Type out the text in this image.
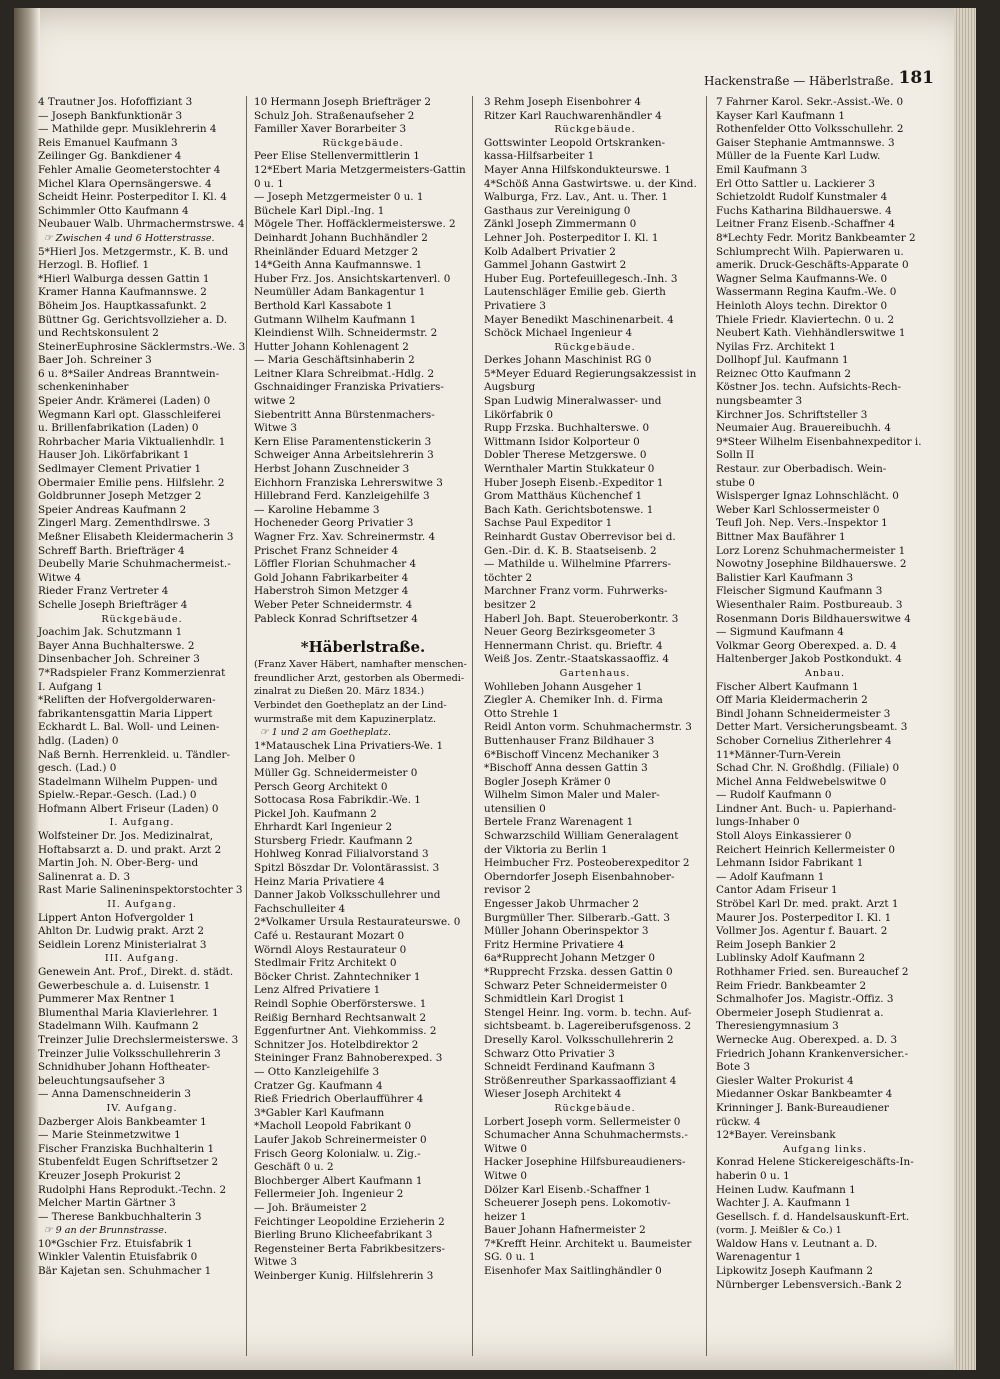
Hackenstraße — Häberlstraße. 181
4 Trautner Jos. Hofoffiziant 3
— Joseph Bankfunktionär 3
— Mathilde gepr. Musiklehrerin 4
Reis Emanuel Kaufmann 3
Zeilinger Gg. Bankdiener 4
Fehler Amalie Geometerstochter 4
Michel Klara Opernsängerswe. 4
Scheidt Heinr. Posterpeditor I. Kl. 4
Schimmler Otto Kaufmann 4
Neubauer Walb. Uhrmachermstrswe. 4
☞ Zwischen 4 und 6 Hotterstrasse.
5*Hierl Jos. Metzgermstr., K. B. und
Herzogl. B. Hoflief. 1
*Hierl Walburga dessen Gattin 1
Kramer Hanna Kaufmannswe. 2
Böheim Jos. Hauptkassafunkt. 2
Büttner Gg. Gerichtsvollzieher a. D.
und Rechtskonsulent 2
SteinerEuphrosine Säcklermstrs.-We. 3
Baer Joh. Schreiner 3
6 u. 8*Sailer Andreas Branntwein-
schenkeninhaber
Speier Andr. Krämerei (Laden) 0
Wegmann Karl opt. Glasschleiferei
u. Brillenfabrikation (Laden) 0
Rohrbacher Maria Viktualienhdlr. 1
Hauser Joh. Likörfabrikant 1
Sedlmayer Clement Privatier 1
Obermaier Emilie pens. Hilfslehr. 2
Goldbrunner Joseph Metzger 2
Speier Andreas Kaufmann 2
Zingerl Marg. Zementhdlrswe. 3
Meßner Elisabeth Kleidermacherin 3
Schreff Barth. Briefträger 4
Deubelly Marie Schuhmachermeist.-
Witwe 4
Rieder Franz Vertreter 4
Schelle Joseph Briefträger 4
Rückgebäude.
Joachim Jak. Schutzmann 1
Bayer Anna Buchhalterswe. 2
Dinsenbacher Joh. Schreiner 3
7*Radspieler Franz Kommerzienrat
I. Aufgang 1
*Reliften der Hofvergolderwaren-
fabrikantensgattin Maria Lippert
Eckhardt L. Bal. Woll- und Leinen-
hdlg. (Laden) 0
Naß Bernh. Herrenkleid. u. Tändler-
gesch. (Lad.) 0
Stadelmann Wilhelm Puppen- und
Spielw.-Repar.-Gesch. (Lad.) 0
Hofmann Albert Friseur (Laden) 0
I. Aufgang.
Wolfsteiner Dr. Jos. Medizinalrat,
Hoftabsarzt a. D. und prakt. Arzt 2
Martin Joh. N. Ober-Berg- und
Salinenrat a. D. 3
Rast Marie Salineninspektorstochter 3
II. Aufgang.
Lippert Anton Hofvergolder 1
Ahlton Dr. Ludwig prakt. Arzt 2
Seidlein Lorenz Ministerialrat 3
III. Aufgang.
Genewein Ant. Prof., Direkt. d. städt.
Gewerbeschule a. d. Luisenstr. 1
Pummerer Max Rentner 1
Blumenthal Maria Klavierlehrer. 1
Stadelmann Wilh. Kaufmann 2
Treinzer Julie Drechslermeisterswe. 3
Treinzer Julie Volksschullehrerin 3
Schnidhuber Johann Hoftheater-
beleuchtungsaufseher 3
— Anna Damenschneiderin 3
IV. Aufgang.
Dazberger Alois Bankbeamter 1
— Marie Steinmetzwitwe 1
Fischer Franziska Buchhalterin 1
Stubenfeldt Eugen Schriftsetzer 2
Kreuzer Joseph Prokurist 2
Rudolphi Hans Reprodukt.-Techn. 2
Melcher Martin Gärtner 3
— Therese Bankbuchhalterin 3
☞ 9 an der Brunnstrasse.
10*Gschier Frz. Etuisfabrik 1
Winkler Valentin Etuisfabrik 0
Bär Kajetan sen. Schuhmacher 1
10 Hermann Joseph Briefträger 2
Schulz Joh. Straßenaufseher 2
Familler Xaver Borarbeiter 3
Rückgebäude.
Peer Elise Stellenvermittlerin 1
12*Ebert Maria Metzgermeisters-Gattin
0 u. 1
— Joseph Metzgermeister 0 u. 1
Büchele Karl Dipl.-Ing. 1
Mögele Ther. Hoffäcklermeisterswe. 2
Deinhardt Johann Buchhändler 2
Rheinländer Eduard Metzger 2
14*Geith Anna Kaufmannswe. 1
Huber Frz. Jos. Ansichtskartenverl. 0
Neumüller Adam Bankagentur 1
Berthold Karl Kassabote 1
Gutmann Wilhelm Kaufmann 1
Kleindienst Wilh. Schneidermstr. 2
Hutter Johann Kohlenagent 2
— Maria Geschäftsinhaberin 2
Leitner Klara Schreibmat.-Hdlg. 2
Gschnaidinger Franziska Privatiers-
witwe 2
Siebentritt Anna Bürstenmachers-
Witwe 3
Kern Elise Paramentenstickerin 3
Schweiger Anna Arbeitslehrerin 3
Herbst Johann Zuschneider 3
Eichhorn Franziska Lehrerswitwe 3
Hillebrand Ferd. Kanzleigehilfe 3
— Karoline Hebamme 3
Hocheneder Georg Privatier 3
Wagner Frz. Xav. Schreinermstr. 4
Prischet Franz Schneider 4
Löffler Florian Schuhmacher 4
Gold Johann Fabrikarbeiter 4
Haberstroh Simon Metzger 4
Weber Peter Schneidermstr. 4
Pableck Konrad Schriftsetzer 4
*Häberlstraße.
(Franz Xaver Häbert, namhafter menschen-
freundlicher Arzt, gestorben als Obermedi-
zinalrat zu Dießen 20. März 1834.)
Verbindet den Goetheplatz an der Lind-
wurmstraße mit dem Kapuzinerplatz.
☞ 1 und 2 am Goetheplatz.
1*Matauschek Lina Privatiers-We. 1
Lang Joh. Melber 0
Müller Gg. Schneidermeister 0
Persch Georg Architekt 0
Sottocasa Rosa Fabrikdir.-We. 1
Pickel Joh. Kaufmann 2
Ehrhardt Karl Ingenieur 2
Stursberg Friedr. Kaufmann 2
Hohlweg Konrad Filialvorstand 3
Spitzl Böszdar Dr. Volontärassist. 3
Heinz Maria Privatiere 4
Danner Jakob Volksschullehrer und
Fachschulleiter 4
2*Volkamer Ursula Restaurateurswe. 0
Café u. Restaurant Mozart 0
Wörndl Aloys Restaurateur 0
Stedlmair Fritz Architekt 0
Böcker Christ. Zahntechniker 1
Lenz Alfred Privatiere 1
Reindl Sophie Oberförsterswe. 1
Reißig Bernhard Rechtsanwalt 2
Eggenfurtner Ant. Viehkommiss. 2
Schnitzer Jos. Hotelbdirektor 2
Steininger Franz Bahnoberexped. 3
— Otto Kanzleigehilfe 3
Cratzer Gg. Kaufmann 4
Rieß Friedrich Oberlaufführer 4
3*Gabler Karl Kaufmann
*Macholl Leopold Fabrikant 0
Laufer Jakob Schreinermeister 0
Frisch Georg Kolonialw. u. Zig.-
Geschäft 0 u. 2
Blochberger Albert Kaufmann 1
Fellermeier Joh. Ingenieur 2
— Joh. Bräumeister 2
Feichtinger Leopoldine Erzieherin 2
Bierling Bruno Klicheefabrikant 3
Regensteiner Berta Fabrikbesitzers-
Witwe 3
Weinberger Kunig. Hilfslehrerin 3
3 Rehm Joseph Eisenbohrer 4
Ritzer Karl Rauchwarenhändler 4
Rückgebäude.
Gottswinter Leopold Ortskranken-
kassa-Hilfsarbeiter 1
Mayer Anna Hilfskondukteurswe. 1
4*Schöß Anna Gastwirtswe. u. der Kind.
Walburga, Frz. Lav., Ant. u. Ther. 1
Gasthaus zur Vereinigung 0
Zänkl Joseph Zimmermann 0
Lehner Joh. Posterpeditor I. Kl. 1
Kolb Adalbert Privatier 2
Gammel Johann Gastwirt 2
Huber Eug. Portefeuillegesch.-Inh. 3
Lautenschläger Emilie geb. Gierth
Privatiere 3
Mayer Benedikt Maschinenarbeit. 4
Schöck Michael Ingenieur 4
Rückgebäude.
Derkes Johann Maschinist RG 0
5*Meyer Eduard Regierungsakzessist in
Augsburg
Span Ludwig Mineralwasser- und
Likörfabrik 0
Rupp Frzska. Buchhalterswe. 0
Wittmann Isidor Kolporteur 0
Dobler Therese Metzgerswe. 0
Wernthaler Martin Stukkateur 0
Huber Joseph Eisenb.-Expeditor 1
Grom Matthäus Küchenchef 1
Bach Kath. Gerichtsbotenswe. 1
Sachse Paul Expeditor 1
Reinhardt Gustav Oberrevisor bei d.
Gen.-Dir. d. K. B. Staatseisenb. 2
— Mathilde u. Wilhelmine Pfarrers-
töchter 2
Marchner Franz vorm. Fuhrwerks-
besitzer 2
Haberl Joh. Bapt. Steueroberkontr. 3
Neuer Georg Bezirksgeometer 3
Hennermann Christ. qu. Brieftr. 4
Weiß Jos. Zentr.-Staatskassaoffiz. 4
Gartenhaus.
Wohlleben Johann Ausgeher 1
Ziegler A. Chemiker Inh. d. Firma
Otto Strehle 1
Reidl Anton vorm. Schuhmachermstr. 3
Buttenhauser Franz Bildhauer 3
6*Bischoff Vincenz Mechaniker 3
*Bischoff Anna dessen Gattin 3
Bogler Joseph Krämer 0
Wilhelm Simon Maler und Maler-
utensilien 0
Bertele Franz Warenagent 1
Schwarzschild William Generalagent
der Viktoria zu Berlin 1
Heimbucher Frz. Posteoberexpeditor 2
Oberndorfer Joseph Eisenbahnober-
revisor 2
Engesser Jakob Uhrmacher 2
Burgmüller Ther. Silberarb.-Gatt. 3
Müller Johann Oberinspektor 3
Fritz Hermine Privatiere 4
6a*Rupprecht Johann Metzger 0
*Rupprecht Frzska. dessen Gattin 0
Schwarz Peter Schneidermeister 0
Schmidtlein Karl Drogist 1
Stengel Heinr. Ing. vorm. b. techn. Auf-
sichtsbeamt. b. Lagereiberufsgenoss. 2
Dreselly Karol. Volksschullehrerin 2
Schwarz Otto Privatier 3
Schneidt Ferdinand Kaufmann 3
Strößenreuther Sparkassaoffiziant 4
Wieser Joseph Architekt 4
Rückgebäude.
Lorbert Joseph vorm. Sellermeister 0
Schumacher Anna Schuhmachermsts.-
Witwe 0
Hacker Josephine Hilfsbureaudieners-
Witwe 0
Dölzer Karl Eisenb.-Schaffner 1
Scheuerer Joseph pens. Lokomotiv-
heizer 1
Bauer Johann Hafnermeister 2
7*Krefft Heinr. Architekt u. Baumeister
SG. 0 u. 1
Eisenhofer Max Saitlinghändler 0
7 Fahrner Karol. Sekr.-Assist.-We. 0
Kayser Karl Kaufmann 1
Rothenfelder Otto Volksschullehr. 2
Gaiser Stephanie Amtmannswe. 3
Müller de la Fuente Karl Ludw.
Emil Kaufmann 3
Erl Otto Sattler u. Lackierer 3
Schietzoldt Rudolf Kunstmaler 4
Fuchs Katharina Bildhauerswe. 4
Leitner Franz Eisenb.-Schaffner 4
8*Lechty Fedr. Moritz Bankbeamter 2
Schlumprecht Wilh. Papierwaren u.
amerik. Druck-Geschäfts-Apparate 0
Wagner Selma Kaufmanns-We. 0
Wassermann Regina Kaufm.-We. 0
Heinloth Aloys techn. Direktor 0
Thiele Friedr. Klaviertechn. 0 u. 2
Neubert Kath. Viehhändlerswitwe 1
Nyilas Frz. Architekt 1
Dollhopf Jul. Kaufmann 1
Reiznec Otto Kaufmann 2
Köstner Jos. techn. Aufsichts-Rech-
nungsbeamter 3
Kirchner Jos. Schriftsteller 3
Neumaier Aug. Brauereibuchh. 4
9*Steer Wilhelm Eisenbahnexpeditor i.
Solln II
Restaur. zur Oberbadisch. Wein-
stube 0
Wislsperger Ignaz Lohnschlächt. 0
Weber Karl Schlossermeister 0
Teufl Joh. Nep. Vers.-Inspektor 1
Bittner Max Baufährer 1
Lorz Lorenz Schuhmachermeister 1
Nowotny Josephine Bildhauerswe. 2
Balistier Karl Kaufmann 3
Fleischer Sigmund Kaufmann 3
Wiesenthaler Raim. Postbureaub. 3
Rosenmann Doris Bildhauerswitwe 4
— Sigmund Kaufmann 4
Volkmar Georg Oberexped. a. D. 4
Haltenberger Jakob Postkondukt. 4
Anbau.
Fischer Albert Kaufmann 1
Off Maria Kleidermacherin 2
Bindl Johann Schneidermeister 3
Detter Mart. Versicherungsbeamt. 3
Schober Cornelius Zitherlehrer 4
11*Männer-Turn-Verein
Schad Chr. N. Großhdlg. (Filiale) 0
Michel Anna Feldwebelswitwe 0
— Rudolf Kaufmann 0
Lindner Ant. Buch- u. Papierhand-
lungs-Inhaber 0
Stoll Aloys Einkassierer 0
Reichert Heinrich Kellermeister 0
Lehmann Isidor Fabrikant 1
— Adolf Kaufmann 1
Cantor Adam Friseur 1
Ströbel Karl Dr. med. prakt. Arzt 1
Maurer Jos. Posterpeditor I. Kl. 1
Vollmer Jos. Agentur f. Bauart. 2
Reim Joseph Bankier 2
Lublinsky Adolf Kaufmann 2
Rothhamer Fried. sen. Bureauchef 2
Reim Friedr. Bankbeamter 2
Schmalhofer Jos. Magistr.-Offiz. 3
Obermeier Joseph Studienrat a.
Theresiengymnasium 3
Wernecke Aug. Oberexped. a. D. 3
Friedrich Johann Krankenversicher.-
Bote 3
Giesler Walter Prokurist 4
Miedanner Oskar Bankbeamter 4
Krinninger J. Bank-Bureaudiener
rückw. 4
12*Bayer. Vereinsbank
Aufgang links.
Konrad Helene Stickereigeschäfts-In-
haberin 0 u. 1
Heinen Ludw. Kaufmann 1
Wachter J. A. Kaufmann 1
Gesellsch. f. d. Handelsauskunft-Ert.
(vorm. J. Meißler & Co.) 1
Waldow Hans v. Leutnant a. D.
Warenagentur 1
Lipkowitz Joseph Kaufmann 2
Nürnberger Lebensversich.-Bank 2
